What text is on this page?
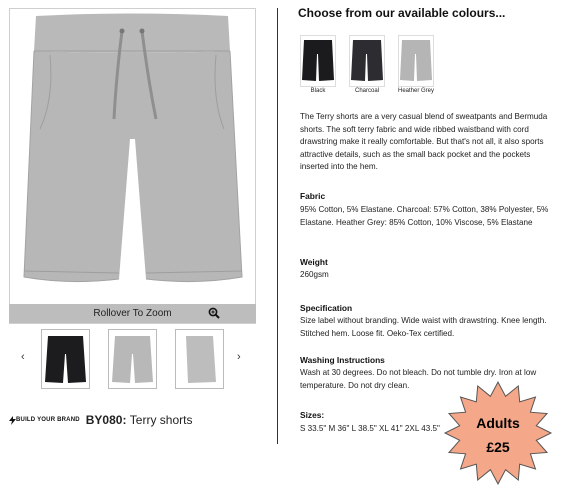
Rollover To Zoom
‹	›
BUILD YOUR BRAND BY080:
Terry shorts
Choose from our available colours...
Black	Charcoal	Heather Grey
The Terry shorts are a very casual blend of sweatpants and Bermuda shorts. The soft terry fabric and wide ribbed waistband with cord drawstring make it really comfortable. But that's not all, it also sports attractive details, such as the small back pocket and the pockets inserted into the hem.
Fabric
95% Cotton, 5% Elastane. Charcoal: 57% Cotton, 38% Polyester, 5% Elastane. Heather Grey: 85% Cotton, 10% Viscose, 5% Elastane
Weight
260gsm
Specification
Size label without branding. Wide waist with drawstring. Knee length. Stitched hem. Loose fit. Oeko-Tex certified.
Washing Instructions
Wash at 30 degrees. Do not bleach. Do not tumble dry. Iron at low temperature. Do not dry clean.
Sizes:
S 33.5" M 36" L 38.5" XL 41" 2XL 43.5"	Adults
£25
